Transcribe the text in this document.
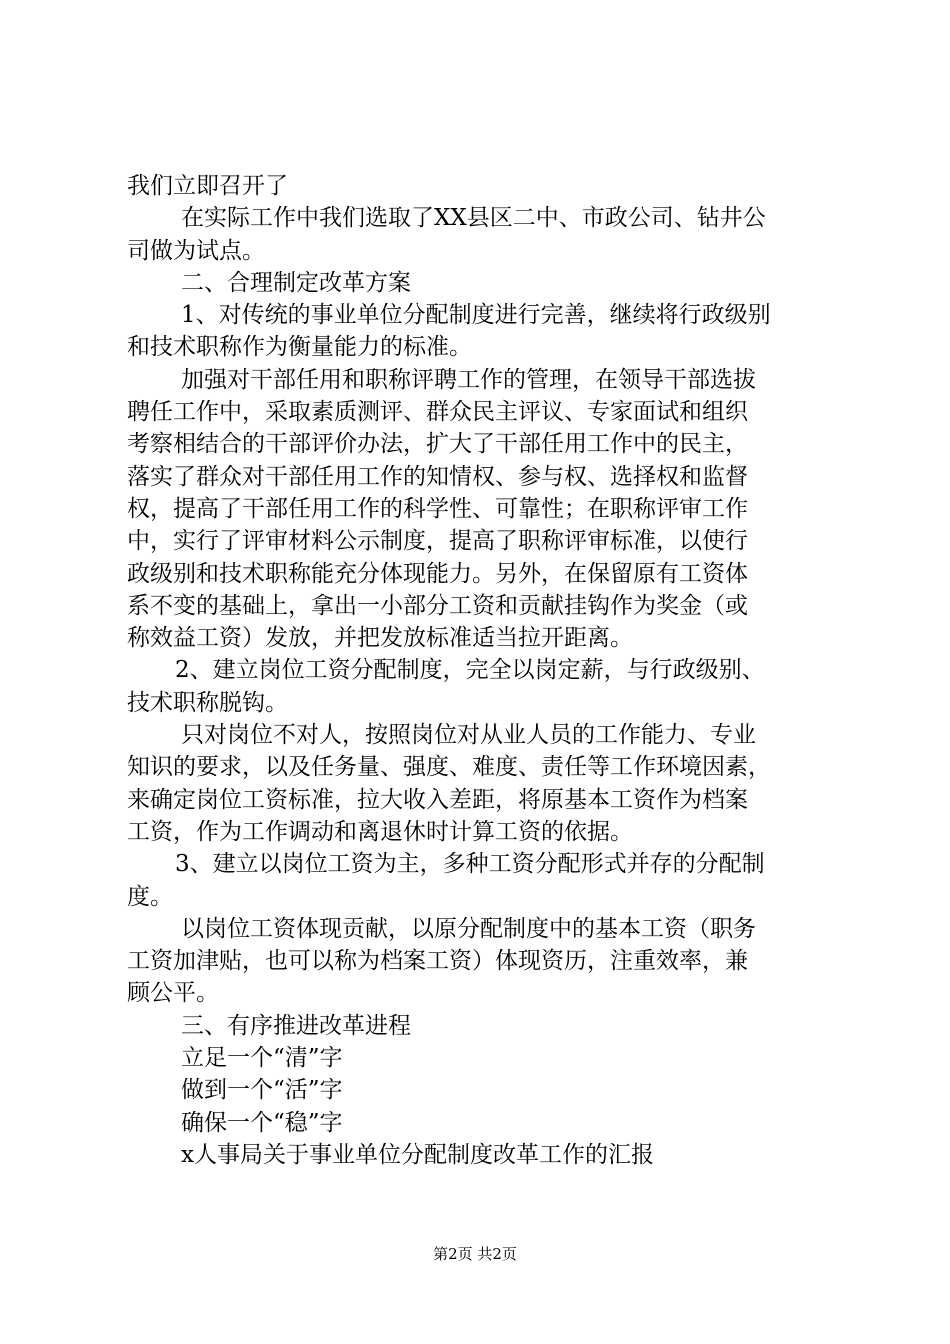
我们立即召开了
在实际工作中我们选取了XX县区二中、市政公司、钻井公
司做为试点。
二、合理制定改革方案
1、对传统的事业单位分配制度进行完善，继续将行政级别
和技术职称作为衡量能力的标准。
加强对干部任用和职称评聘工作的管理，在领导干部选拔
聘任工作中，采取素质测评、群众民主评议、专家面试和组织
考察相结合的干部评价办法，扩大了干部任用工作中的民主，
落实了群众对干部任用工作的知情权、参与权、选择权和监督
权，提高了干部任用工作的科学性、可靠性；在职称评审工作
中，实行了评审材料公示制度，提高了职称评审标准，以使行
政级别和技术职称能充分体现能力。另外，在保留原有工资体
系不变的基础上，拿出一小部分工资和贡献挂钩作为奖金（或
称效益工资）发放，并把发放标准适当拉开距离。
2、建立岗位工资分配制度，完全以岗定薪，与行政级别、
技术职称脱钩。
只对岗位不对人，按照岗位对从业人员的工作能力、专业
知识的要求，以及任务量、强度、难度、责任等工作环境因素，
来确定岗位工资标准，拉大收入差距，将原基本工资作为档案
工资，作为工作调动和离退休时计算工资的依据。
3、建立以岗位工资为主，多种工资分配形式并存的分配制
度。
以岗位工资体现贡献，以原分配制度中的基本工资（职务
工资加津贴，也可以称为档案工资）体现资历，注重效率，兼
顾公平。
三、有序推进改革进程
立足一个“清”字
做到一个“活”字
确保一个“稳”字
x人事局关于事业单位分配制度改革工作的汇报
第2页 共2页
